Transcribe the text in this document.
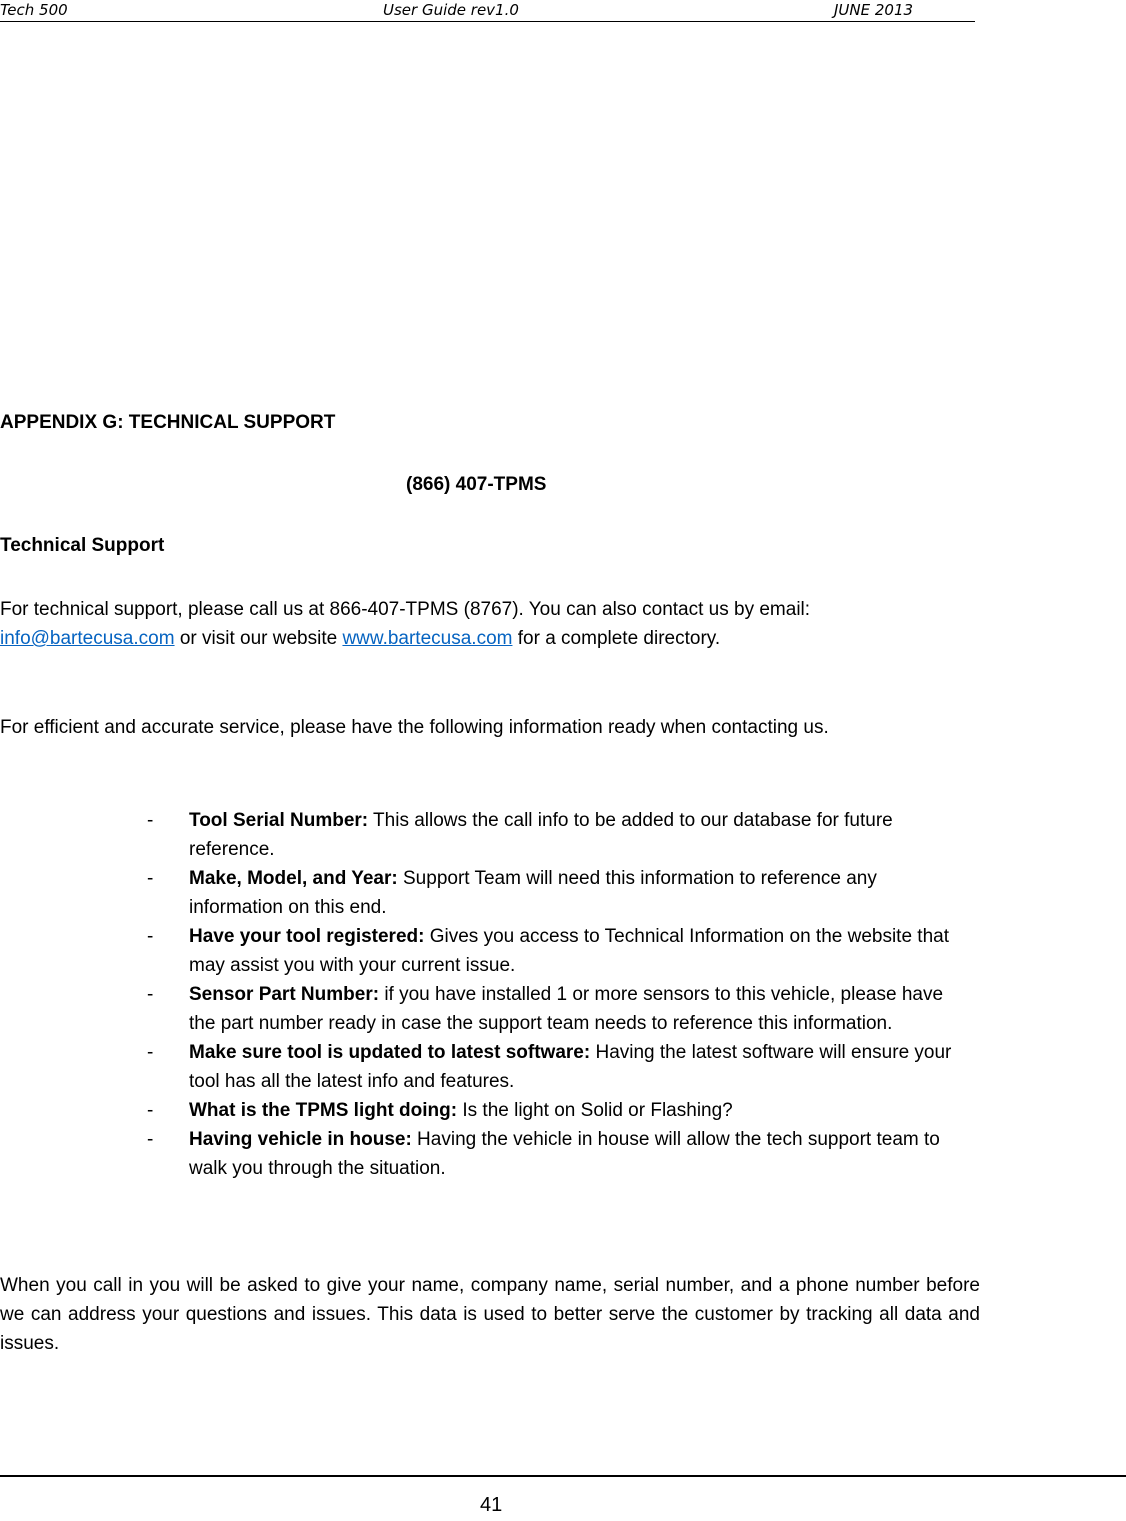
Tech 500	User Guide rev1.0	JUNE 2013
APPENDIX G: TECHNICAL SUPPORT
(866) 407-TPMS
Technical Support

For technical support, please call us at 866-407-TPMS (8767). You can also contact us by email: info@bartecusa.com or visit our website www.bartecusa.com for a complete directory.

For efficient and accurate service, please have the following information ready when contacting us.

- Tool Serial Number: This allows the call info to be added to our database for future reference.
- Make, Model, and Year: Support Team will need this information to reference any information on this end.
- Have your tool registered: Gives you access to Technical Information on the website that may assist you with your current issue.
- Sensor Part Number: if you have installed 1 or more sensors to this vehicle, please have the part number ready in case the support team needs to reference this information.
- Make sure tool is updated to latest software: Having the latest software will ensure your tool has all the latest info and features.
- What is the TPMS light doing: Is the light on Solid or Flashing?
- Having vehicle in house: Having the vehicle in house will allow the tech support team to walk you through the situation.

When you call in you will be asked to give your name, company name, serial number, and a phone number before we can address your questions and issues. This data is used to better serve the customer by tracking all data and issues.

41
